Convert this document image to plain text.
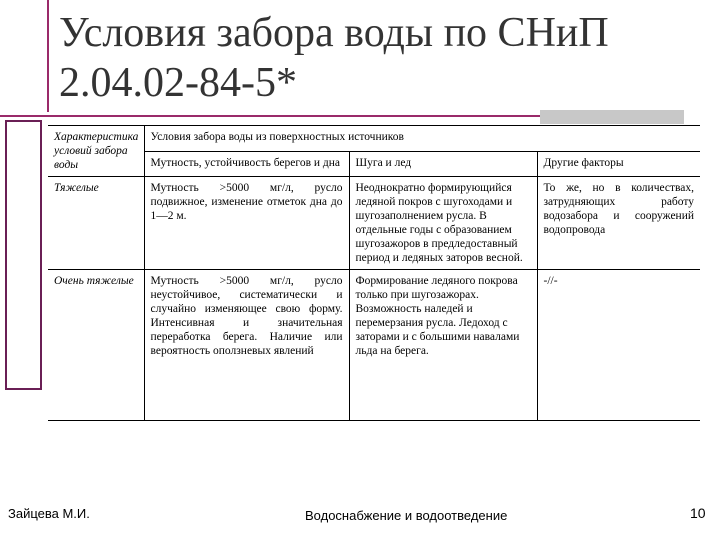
Условия забора воды по СНиП 2.04.02-84-5*
Характеристика условий забора воды	Условия забора воды из поверхностных источников		
	Мутность, устойчивость берегов и дна	Шуга и лед	Другие факторы
Тяжелые	Мутность >5000 мг/л, русло подвижное, изменение отметок дна до 1—2 м.	Неоднократно формирующийся ледяной покров с шугоходами и шугозаполнением русла. В отдельные годы с образованием шугозажоров в предледоставный период и ледяных заторов весной.	То же, но в количествах, затрудняющих работу водозабора и сооружений водопровода
Очень тяжелые	Мутность >5000 мг/л, русло неустойчивое, систематически и случайно изменяющее свою форму. Интенсивная и значительная переработка берега. Наличие или вероятность оползневых явлений	Формирование ледяного покрова только при шугозажорах. Возможность наледей и перемерзания русла. Ледоход с заторами и с большими навалами льда на берега.	-//-
Зайцева М.И.	Водоснабжение и водоотведение	10
